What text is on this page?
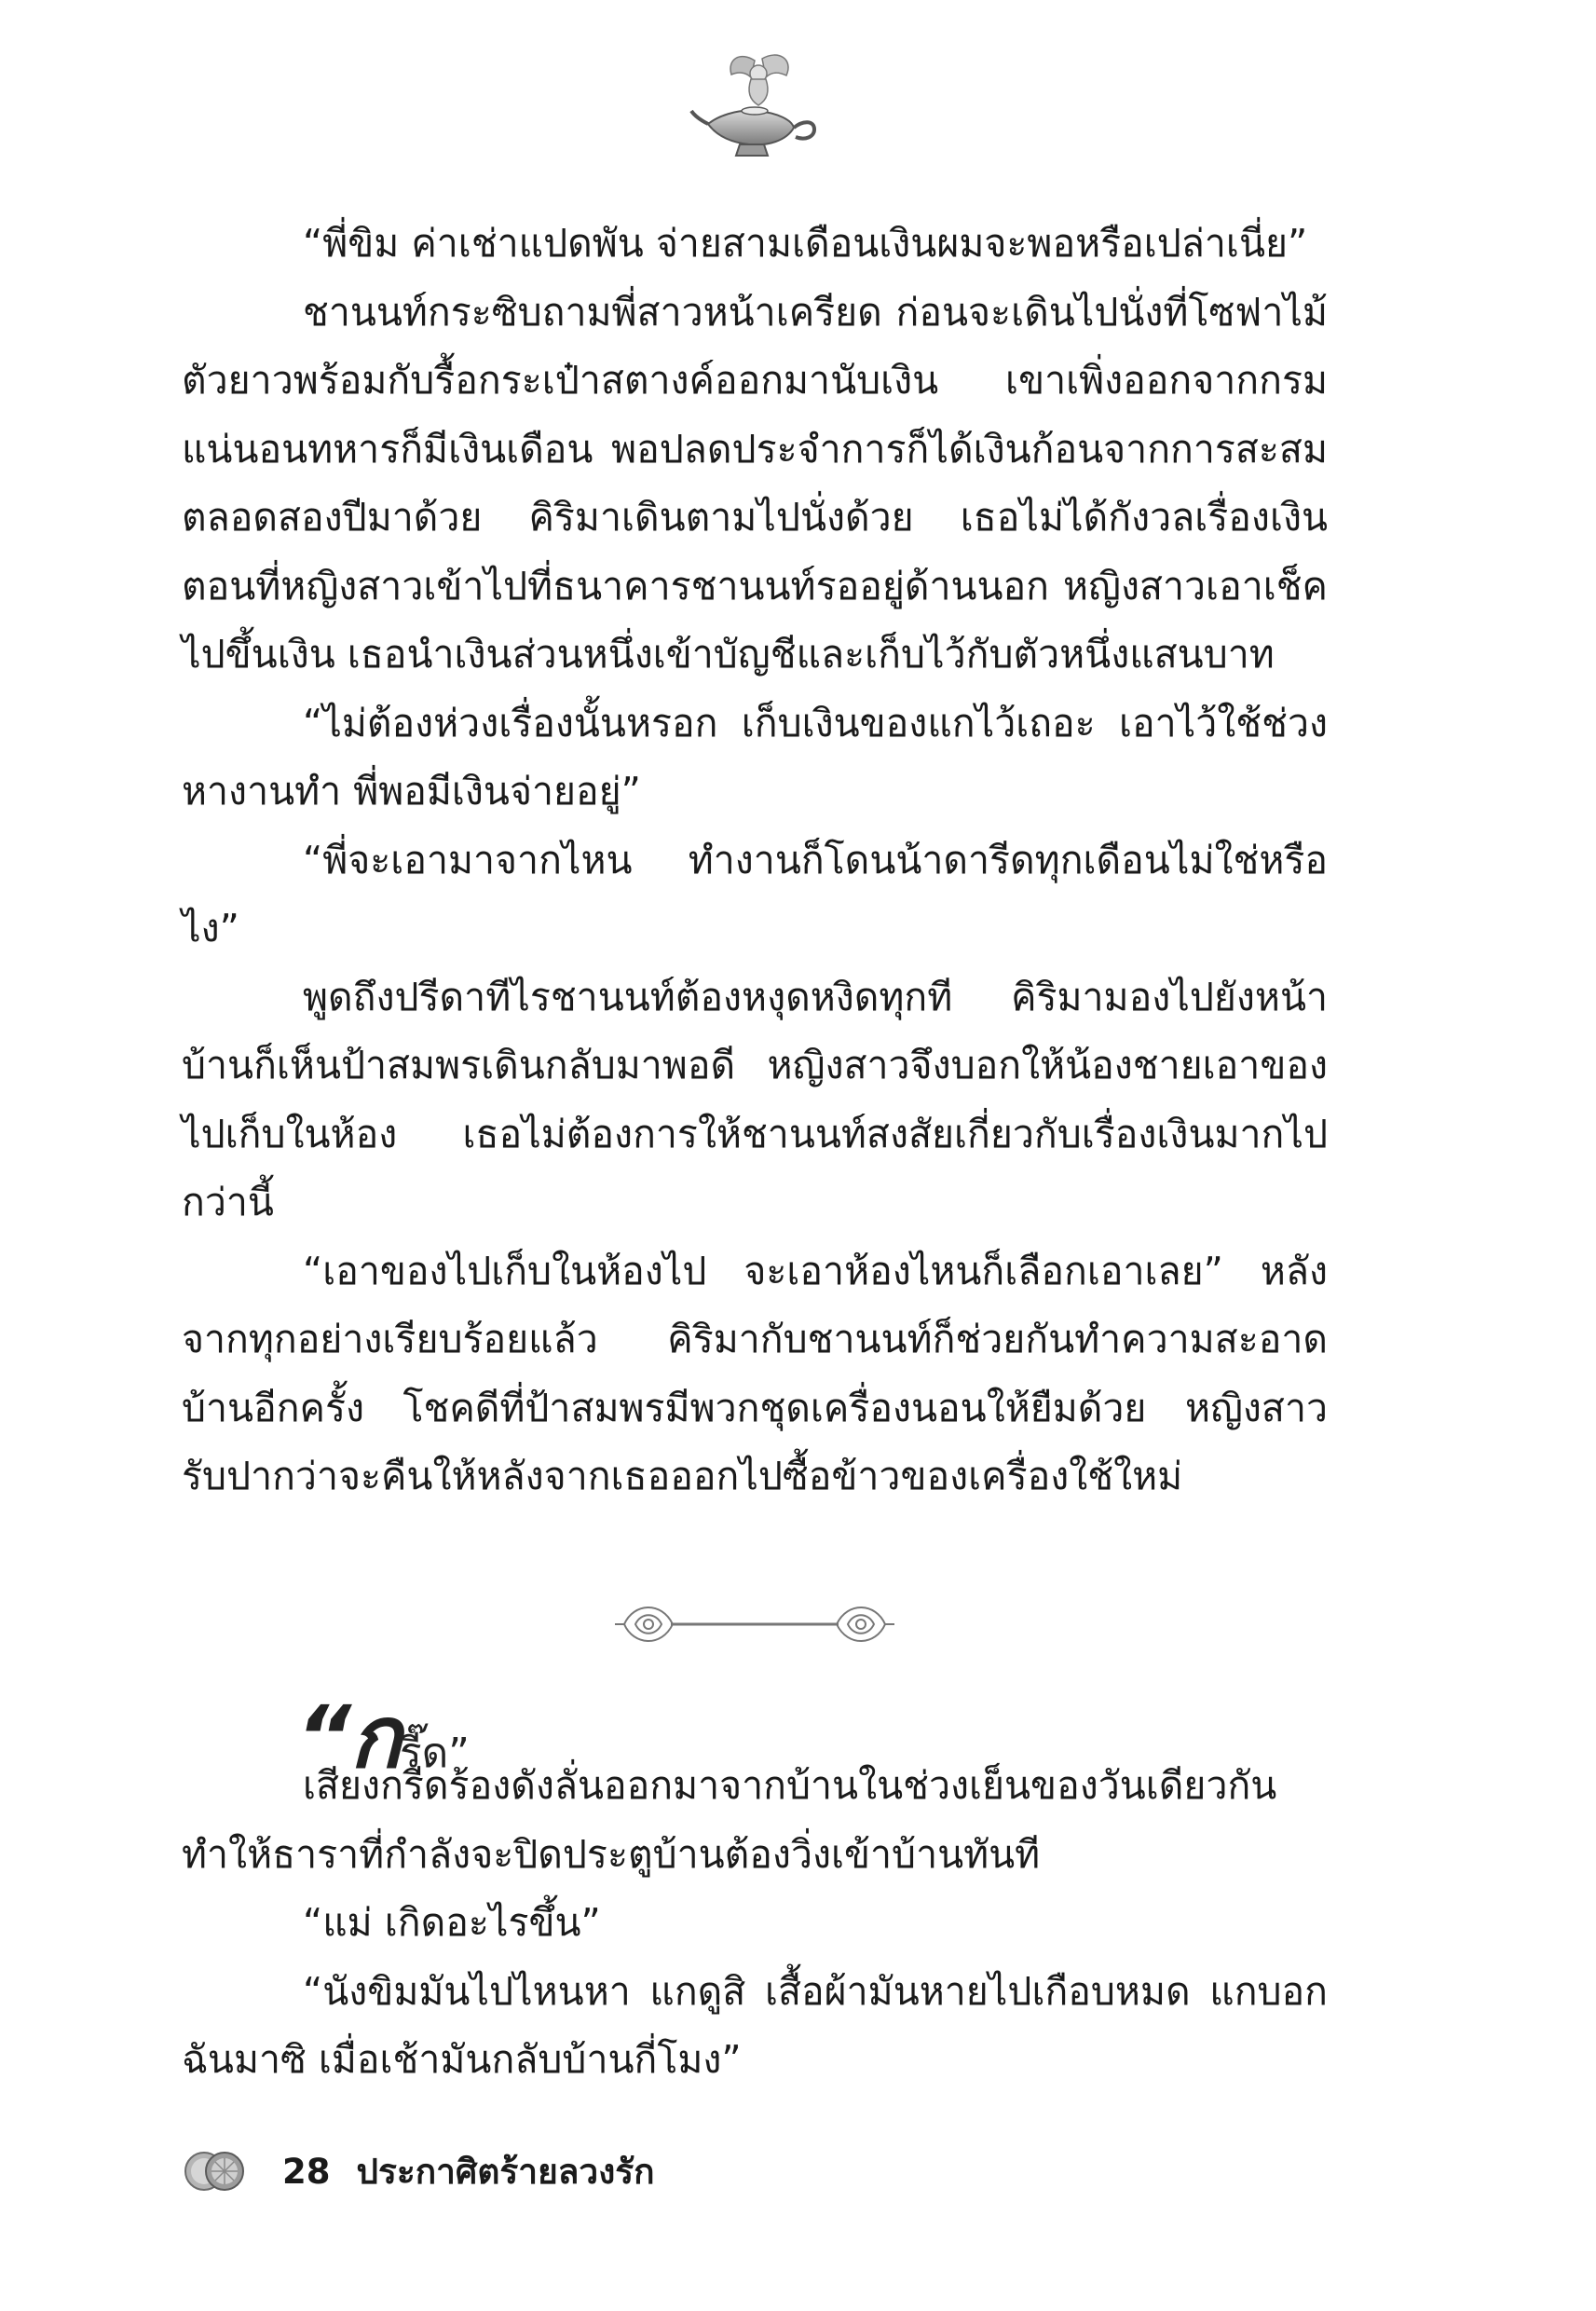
“พี่ขิม ค่าเช่าแปดพัน จ่ายสามเดือนเงินผมจะพอหรือเปล่าเนี่ย”

ชานนท์กระซิบถามพี่สาวหน้าเครียด ก่อนจะเดินไปนั่งที่โซฟาไม้ตัวยาวพร้อมกับรื้อกระเป๋าสตางค์ออกมานับเงิน เขาเพิ่งออกจากกรมแน่นอนทหารก็มีเงินเดือน พอปลดประจำการก็ได้เงินก้อนจากการสะสมตลอดสองปีมาด้วย คิริมาเดินตามไปนั่งด้วย เธอไม่ได้กังวลเรื่องเงินตอนที่หญิงสาวเข้าไปที่ธนาคารชานนท์รออยู่ด้านนอก หญิงสาวเอาเช็คไปขึ้นเงิน เธอนำเงินส่วนหนึ่งเข้าบัญชีและเก็บไว้กับตัวหนึ่งแสนบาท

“ไม่ต้องห่วงเรื่องนั้นหรอก เก็บเงินของแกไว้เถอะ เอาไว้ใช้ช่วงหางานทำ พี่พอมีเงินจ่ายอยู่”

“พี่จะเอามาจากไหน ทำงานก็โดนน้าดารีดทุกเดือนไม่ใช่หรือไง”

พูดถึงปรีดาทีไรชานนท์ต้องหงุดหงิดทุกที คิริมามองไปยังหน้าบ้านก็เห็นป้าสมพรเดินกลับมาพอดี หญิงสาวจึงบอกให้น้องชายเอาของไปเก็บในห้อง เธอไม่ต้องการให้ชานนท์สงสัยเกี่ยวกับเรื่องเงินมากไปกว่านี้

“เอาของไปเก็บในห้องไป จะเอาห้องไหนก็เลือกเอาเลย” หลังจากทุกอย่างเรียบร้อยแล้ว คิริมากับชานนท์ก็ช่วยกันทำความสะอาดบ้านอีกครั้ง โชคดีที่ป้าสมพรมีพวกชุดเครื่องนอนให้ยืมด้วย หญิงสาวรับปากว่าจะคืนให้หลังจากเธอออกไปซื้อข้าวของเครื่องใช้ใหม่

“กรี๊ด”

เสียงกรีดร้องดังลั่นออกมาจากบ้านในช่วงเย็นของวันเดียวกันทำให้ธาราที่กำลังจะปิดประตูบ้านต้องวิ่งเข้าบ้านทันที

“แม่ เกิดอะไรขึ้น”

“นังขิมมันไปไหนหา แกดูสิ เสื้อผ้ามันหายไปเกือบหมด แกบอกฉันมาซิ เมื่อเช้ามันกลับบ้านกี่โมง”

28 ประกาศิตร้ายลวงรัก
